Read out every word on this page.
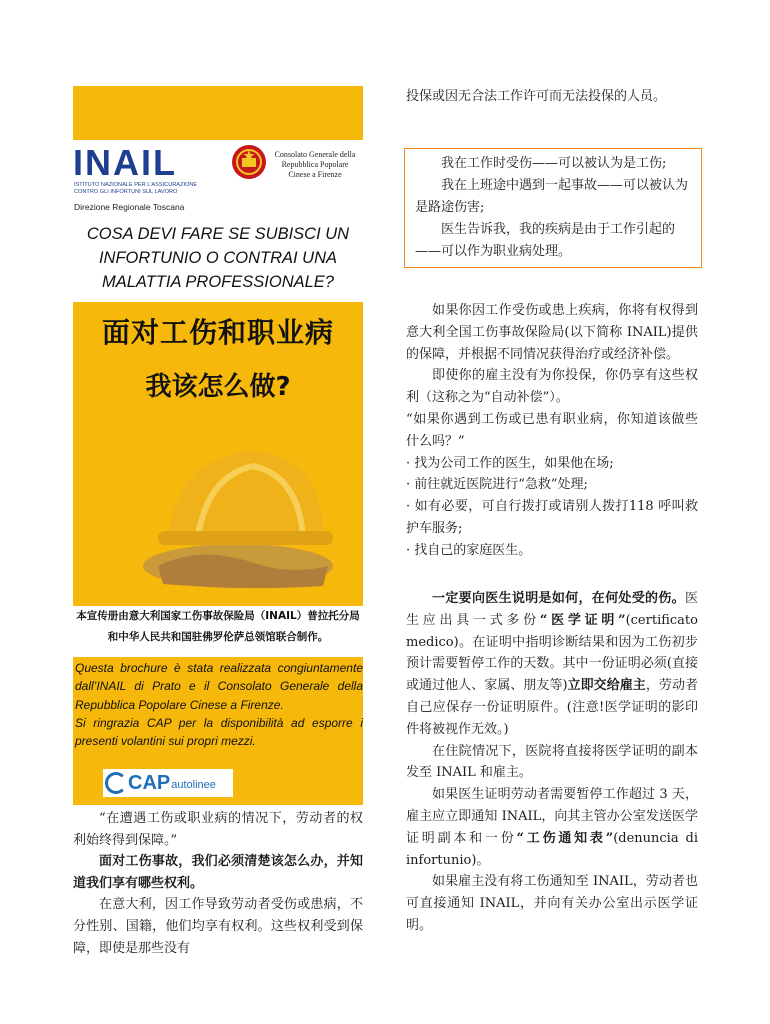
INAIL
ISTITUTO NAZIONALE PER L'ASSICURAZIONE CONTRO GLI INFORTUNI SUL LAVORO
Consolato Generale della Repubblica Popolare Cinese a Firenze
Direzione Regionale Toscana
COSA DEVI FARE SE SUBISCI UN INFORTUNIO O CONTRAI UNA MALATTIA PROFESSIONALE?
面对工伤和职业病
我该怎么做?
本宣传册由意大利国家工伤事故保险局（INAIL）普拉托分局和中华人民共和国驻佛罗伦萨总领馆联合制作。
Questa brochure è stata realizzata congiuntamente dall’INAIL di Prato e il Consolato Generale della Repubblica Popolare Cinese a Firenze.
Si ringrazia CAP per la disponibilità ad esporre i presenti volantini sui propri mezzi.
CAP autolinee

“在遭遇工伤或职业病的情况下，劳动者的权利始终得到保障。”

面对工伤事故，我们必须清楚该怎么办，并知道我们享有哪些权利。

在意大利，因工作导致劳动者受伤或患病，不分性别、国籍，他们均享有权利。这些权利受到保障，即使是那些没有

投保或因无合法工作许可而无法投保的人员。

我在工作时受伤——可以被认为是工伤;

我在上班途中遇到一起事故——可以被认为是路途伤害;

医生告诉我，我的疾病是由于工作引起的——可以作为职业病处理。

如果你因工作受伤或患上疾病，你将有权得到意大利全国工伤事故保险局(以下简称 INAIL)提供的保障，并根据不同情况获得治疗或经济补偿。

即使你的雇主没有为你投保，你仍享有这些权利（这称之为“自动补偿”）。

“如果你遇到工伤或已患有职业病，你知道该做些什么吗？”

· 找为公司工作的医生，如果他在场;

· 前往就近医院进行“急救”处理;

· 如有必要，可自行拨打或请别人拨打118 呼叫救护车服务;

· 找自己的家庭医生。

一定要向医生说明是如何，在何处受的伤。医生应出具一式多份“医学证明”(certificato medico)。在证明中指明诊断结果和因为工伤初步预计需要暂停工作的天数。其中一份证明必须(直接或通过他人、家属、朋友等)立即交给雇主，劳动者自己应保存一份证明原件。(注意!医学证明的影印件将被视作无效。)

在住院情况下，医院将直接将医学证明的副本发至 INAIL 和雇主。

如果医生证明劳动者需要暂停工作超过 3 天，雇主应立即通知 INAIL，向其主管办公室发送医学证明副本和一份“工伤通知表”(denuncia di infortunio)。

如果雇主没有将工伤通知至 INAIL，劳动者也可直接通知 INAIL，并向有关办公室出示医学证明。
